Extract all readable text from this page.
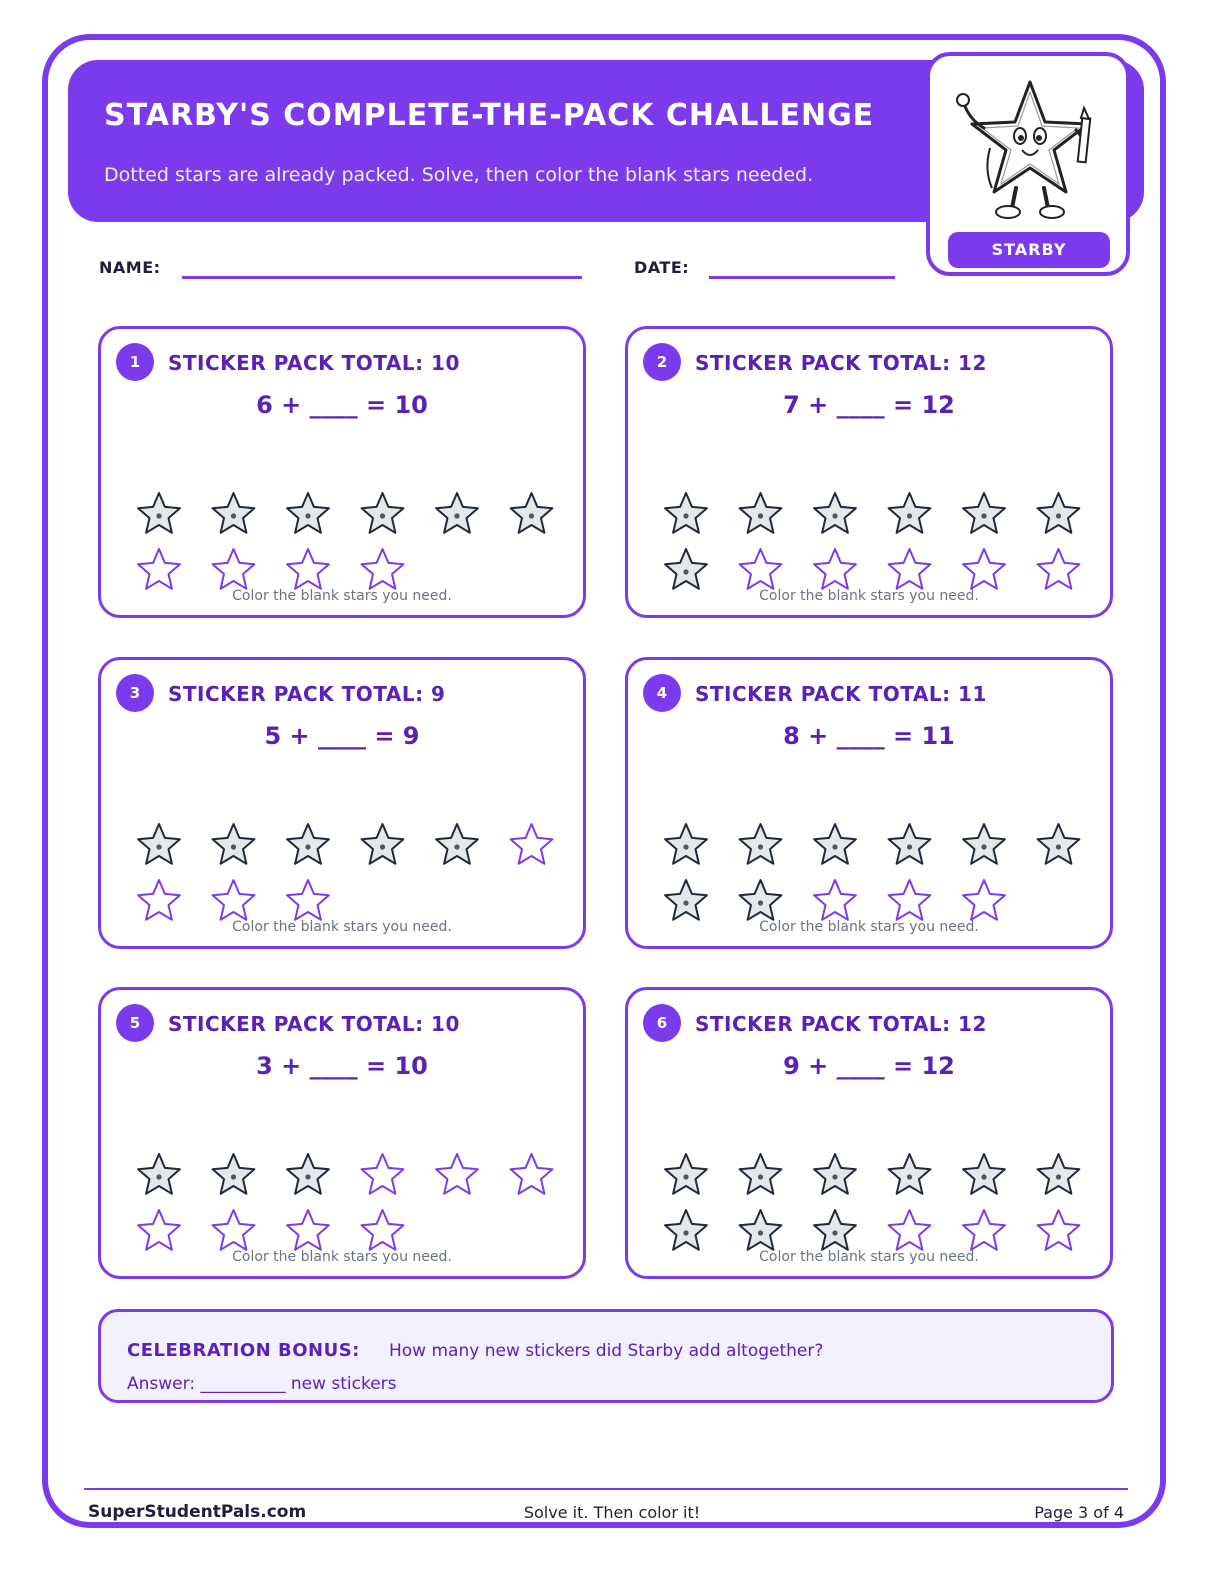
STARBY'S COMPLETE-THE-PACK CHALLENGE
Dotted stars are already packed. Solve, then color the blank stars needed.
STARBY
NAME:	DATE:
1	STICKER PACK TOTAL: 10
6 + ____ = 10
Color the blank stars you need.
2	STICKER PACK TOTAL: 12
7 + ____ = 12
Color the blank stars you need.
3	STICKER PACK TOTAL: 9
5 + ____ = 9
Color the blank stars you need.
4	STICKER PACK TOTAL: 11
8 + ____ = 11
Color the blank stars you need.
5	STICKER PACK TOTAL: 10
3 + ____ = 10
Color the blank stars you need.
6	STICKER PACK TOTAL: 12
9 + ____ = 12
Color the blank stars you need.
CELEBRATION BONUS: How many new stickers did Starby add altogether?
Answer: __________ new stickers
SuperStudentPals.com	Solve it. Then color it!	Page 3 of 4
